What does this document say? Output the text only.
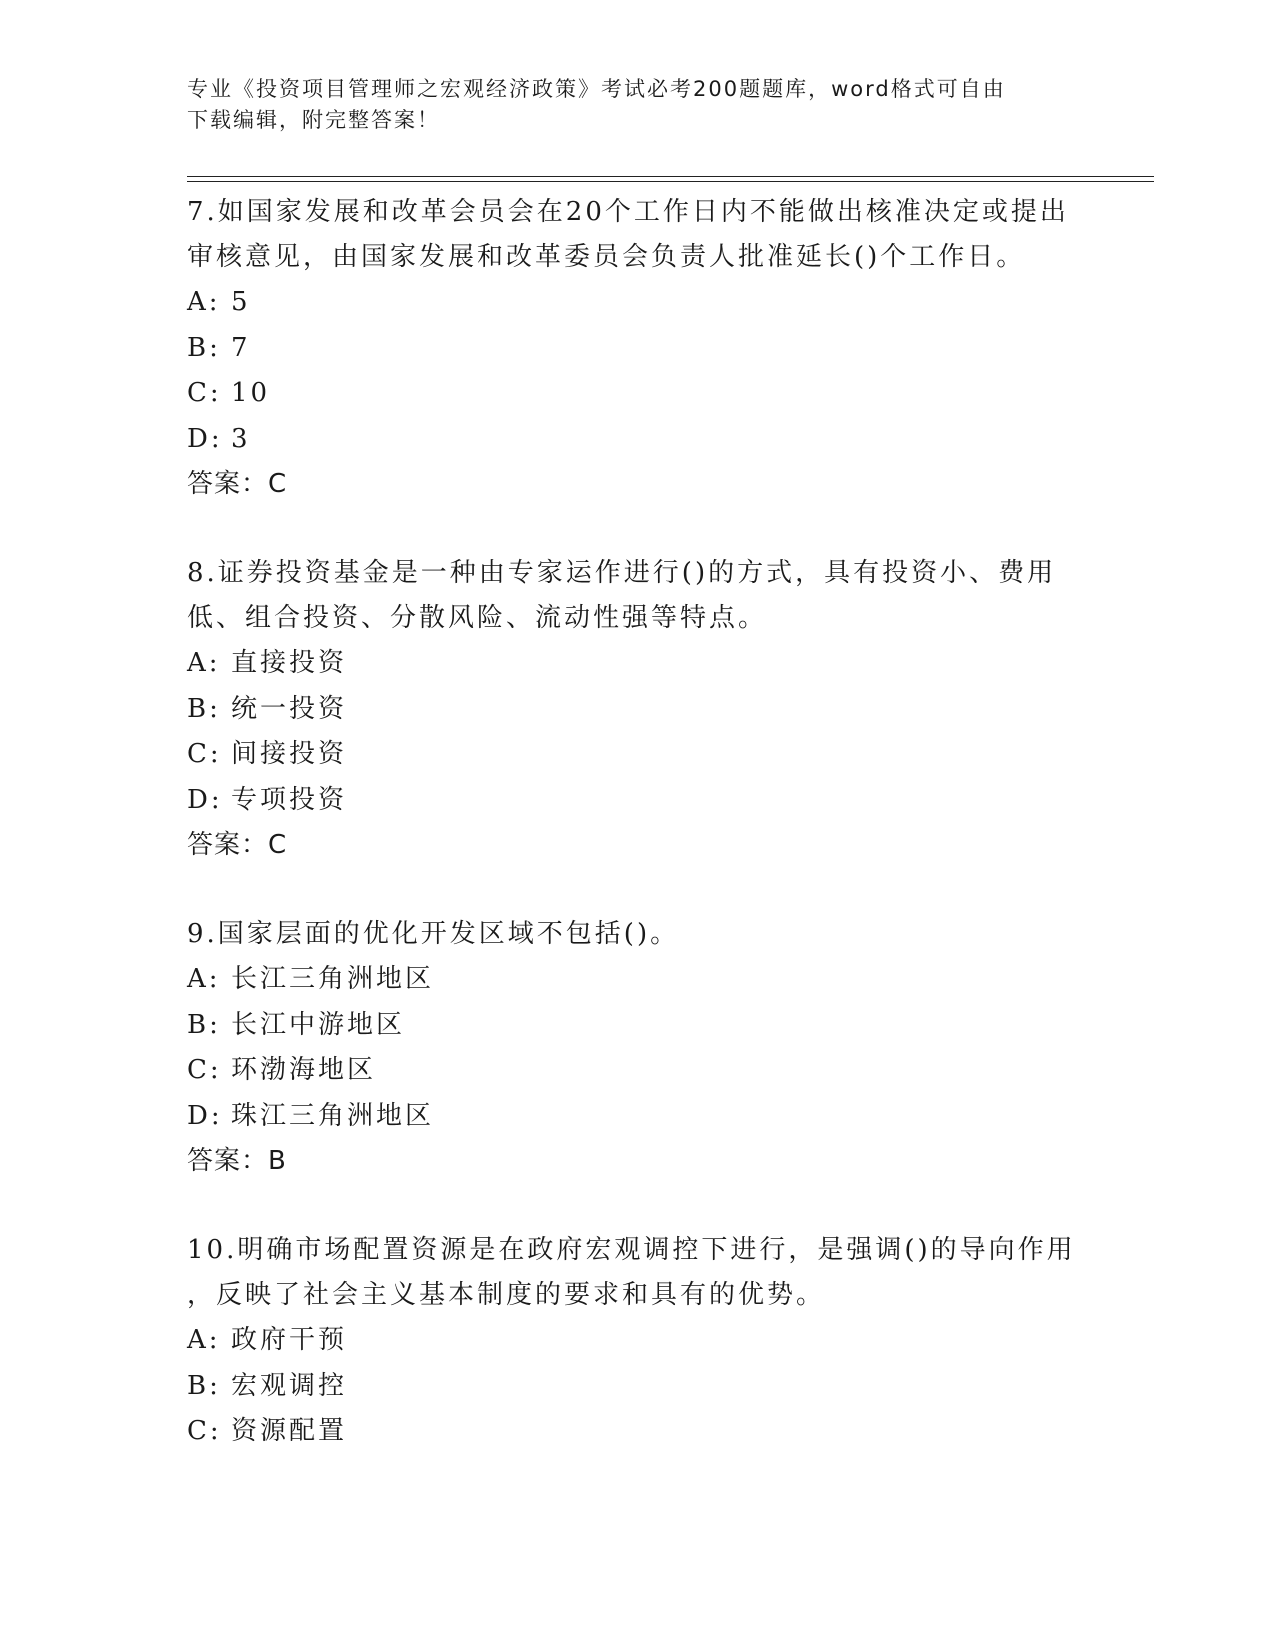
专业《投资项目管理师之宏观经济政策》考试必考200题题库，word格式可自由
下载编辑，附完整答案！
7.如国家发展和改革会员会在20个工作日内不能做出核准决定或提出
审核意见，由国家发展和改革委员会负责人批准延长()个工作日。
A: 5
B: 7
C: 10
D: 3
答案：C
8.证券投资基金是一种由专家运作进行()的方式，具有投资小、费用
低、组合投资、分散风险、流动性强等特点。
A: 直接投资
B: 统一投资
C: 间接投资
D: 专项投资
答案：C
9.国家层面的优化开发区域不包括()。
A: 长江三角洲地区
B: 长江中游地区
C: 环渤海地区
D: 珠江三角洲地区
答案：B
10.明确市场配置资源是在政府宏观调控下进行，是强调()的导向作用
，反映了社会主义基本制度的要求和具有的优势。
A: 政府干预
B: 宏观调控
C: 资源配置
